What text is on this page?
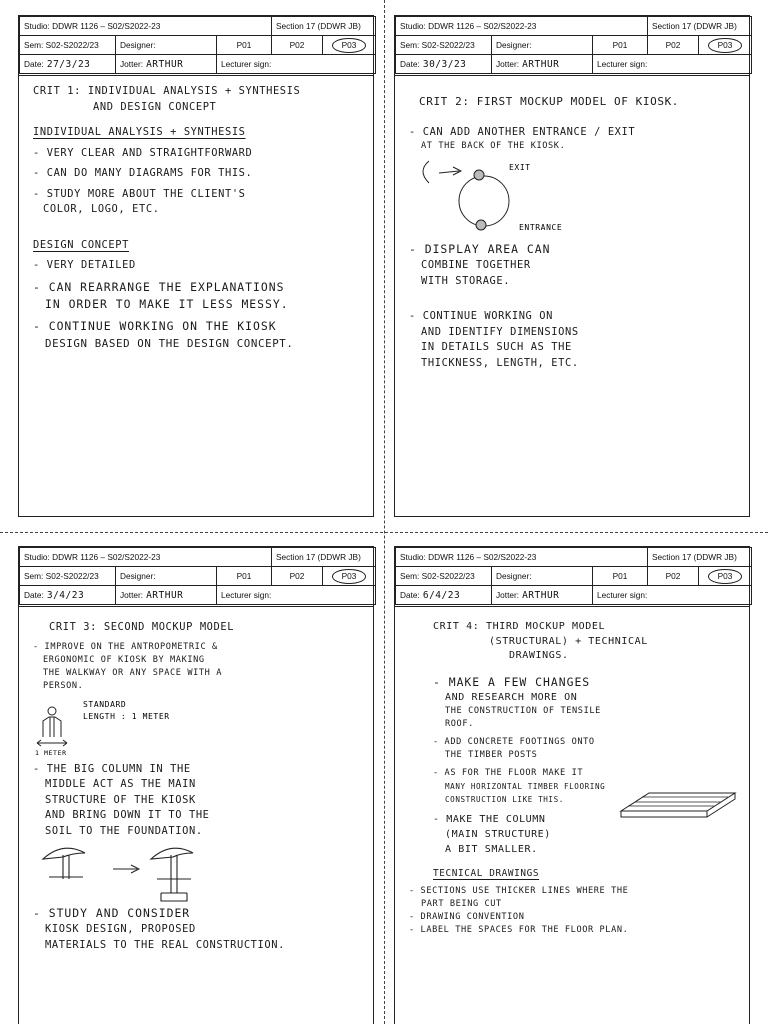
Studio: DDWR 1126 – S02/S2022-23			Section 17 (DDWR JB)	
Sem: S02-S2022/23	Designer:	P01	P02	P03
Date: 27/3/23	Jotter: ARTHUR	Lecturer sign:		
CRIT 1: INDIVIDUAL ANALYSIS + SYNTHESIS
AND DESIGN CONCEPT
INDIVIDUAL ANALYSIS + SYNTHESIS
- VERY CLEAR AND STRAIGHTFORWARD
- CAN DO MANY DIAGRAMS FOR THIS.
- STUDY MORE ABOUT THE CLIENT'S
COLOR, LOGO, ETC.
DESIGN CONCEPT
- VERY DETAILED
- CAN REARRANGE THE EXPLANATIONS
IN ORDER TO MAKE IT LESS MESSY.
- CONTINUE WORKING ON THE KIOSK
DESIGN BASED ON THE DESIGN CONCEPT.
Studio: DDWR 1126 – S02/S2022-23			Section 17 (DDWR JB)	
Sem: S02-S2022/23	Designer:	P01	P02	P03
Date: 30/3/23	Jotter: ARTHUR	Lecturer sign:		
CRIT 2: FIRST MOCKUP MODEL OF KIOSK.
- CAN ADD ANOTHER ENTRANCE / EXIT
AT THE BACK OF THE KIOSK.
EXIT
ENTRANCE
- DISPLAY AREA CAN
COMBINE TOGETHER
WITH STORAGE.
- CONTINUE WORKING ON
AND IDENTIFY DIMENSIONS
IN DETAILS SUCH AS THE
THICKNESS, LENGTH, ETC.
Studio: DDWR 1126 – S02/S2022-23			Section 17 (DDWR JB)	
Sem: S02-S2022/23	Designer:	P01	P02	P03
Date: 3/4/23	Jotter: ARTHUR	Lecturer sign:		
CRIT 3: SECOND MOCKUP MODEL
- IMPROVE ON THE ANTROPOMETRIC &
ERGONOMIC OF KIOSK BY MAKING
THE WALKWAY OR ANY SPACE WITH A
PERSON.
1 METER
STANDARD
LENGTH : 1 METER
- THE BIG COLUMN IN THE
MIDDLE ACT AS THE MAIN
STRUCTURE OF THE KIOSK
AND BRING DOWN IT TO THE
SOIL TO THE FOUNDATION.
- STUDY AND CONSIDER
KIOSK DESIGN, PROPOSED
MATERIALS TO THE REAL CONSTRUCTION.
Studio: DDWR 1126 – S02/S2022-23			Section 17 (DDWR JB)	
Sem: S02-S2022/23	Designer:	P01	P02	P03
Date: 6/4/23	Jotter: ARTHUR	Lecturer sign:		
CRIT 4: THIRD MOCKUP MODEL
(STRUCTURAL) + TECHNICAL
DRAWINGS.
- MAKE A FEW CHANGES
AND RESEARCH MORE ON
THE CONSTRUCTION OF TENSILE
ROOF.
- ADD CONCRETE FOOTINGS ONTO
THE TIMBER POSTS
- AS FOR THE FLOOR MAKE IT
MANY HORIZONTAL TIMBER FLOORING
CONSTRUCTION LIKE THIS.
- MAKE THE COLUMN
(MAIN STRUCTURE)
A BIT SMALLER.
TECNICAL DRAWINGS
- SECTIONS USE THICKER LINES WHERE THE
PART BEING CUT
- DRAWING CONVENTION
- LABEL THE SPACES FOR THE FLOOR PLAN.
